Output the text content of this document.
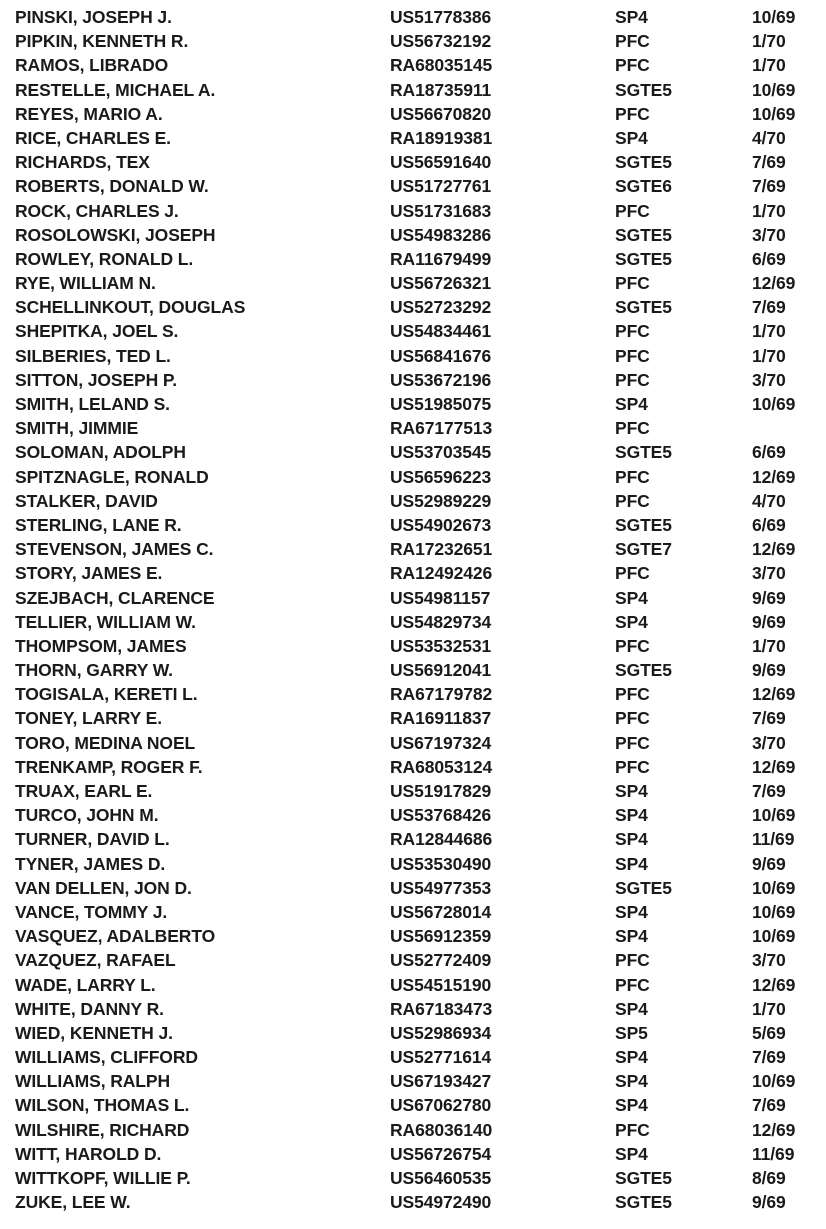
PINSKI, JOSEPH J.	US51778386	SP4	10/69
PIPKIN, KENNETH R.	US56732192	PFC	1/70
RAMOS, LIBRADO	RA68035145	PFC	1/70
RESTELLE, MICHAEL A.	RA18735911	SGTE5	10/69
REYES, MARIO A.	US56670820	PFC	10/69
RICE, CHARLES E.	RA18919381	SP4	4/70
RICHARDS, TEX	US56591640	SGTE5	7/69
ROBERTS, DONALD W.	US51727761	SGTE6	7/69
ROCK, CHARLES J.	US51731683	PFC	1/70
ROSOLOWSKI, JOSEPH	US54983286	SGTE5	3/70
ROWLEY, RONALD L.	RA11679499	SGTE5	6/69
RYE, WILLIAM N.	US56726321	PFC	12/69
SCHELLINKOUT, DOUGLAS	US52723292	SGTE5	7/69
SHEPITKA, JOEL S.	US54834461	PFC	1/70
SILBERIES, TED L.	US56841676	PFC	1/70
SITTON, JOSEPH P.	US53672196	PFC	3/70
SMITH, LELAND S.	US51985075	SP4	10/69
SMITH, JIMMIE	RA67177513	PFC
SOLOMAN, ADOLPH	US53703545	SGTE5	6/69
SPITZNAGLE, RONALD	US56596223	PFC	12/69
STALKER, DAVID	US52989229	PFC	4/70
STERLING, LANE R.	US54902673	SGTE5	6/69
STEVENSON, JAMES C.	RA17232651	SGTE7	12/69
STORY, JAMES E.	RA12492426	PFC	3/70
SZEJBACH, CLARENCE	US54981157	SP4	9/69
TELLIER, WILLIAM W.	US54829734	SP4	9/69
THOMPSOM, JAMES	US53532531	PFC	1/70
THORN, GARRY W.	US56912041	SGTE5	9/69
TOGISALA, KERETI L.	RA67179782	PFC	12/69
TONEY, LARRY E.	RA16911837	PFC	7/69
TORO, MEDINA NOEL	US67197324	PFC	3/70
TRENKAMP, ROGER F.	RA68053124	PFC	12/69
TRUAX, EARL E.	US51917829	SP4	7/69
TURCO, JOHN M.	US53768426	SP4	10/69
TURNER, DAVID L.	RA12844686	SP4	11/69
TYNER, JAMES D.	US53530490	SP4	9/69
VAN DELLEN, JON D.	US54977353	SGTE5	10/69
VANCE, TOMMY J.	US56728014	SP4	10/69
VASQUEZ, ADALBERTO	US56912359	SP4	10/69
VAZQUEZ, RAFAEL	US52772409	PFC	3/70
WADE, LARRY L.	US54515190	PFC	12/69
WHITE, DANNY R.	RA67183473	SP4	1/70
WIED, KENNETH J.	US52986934	SP5	5/69
WILLIAMS, CLIFFORD	US52771614	SP4	7/69
WILLIAMS, RALPH	US67193427	SP4	10/69
WILSON, THOMAS L.	US67062780	SP4	7/69
WILSHIRE, RICHARD	RA68036140	PFC	12/69
WITT, HAROLD D.	US56726754	SP4	11/69
WITTKOPF, WILLIE P.	US56460535	SGTE5	8/69
ZUKE, LEE W.	US54972490	SGTE5	9/69
